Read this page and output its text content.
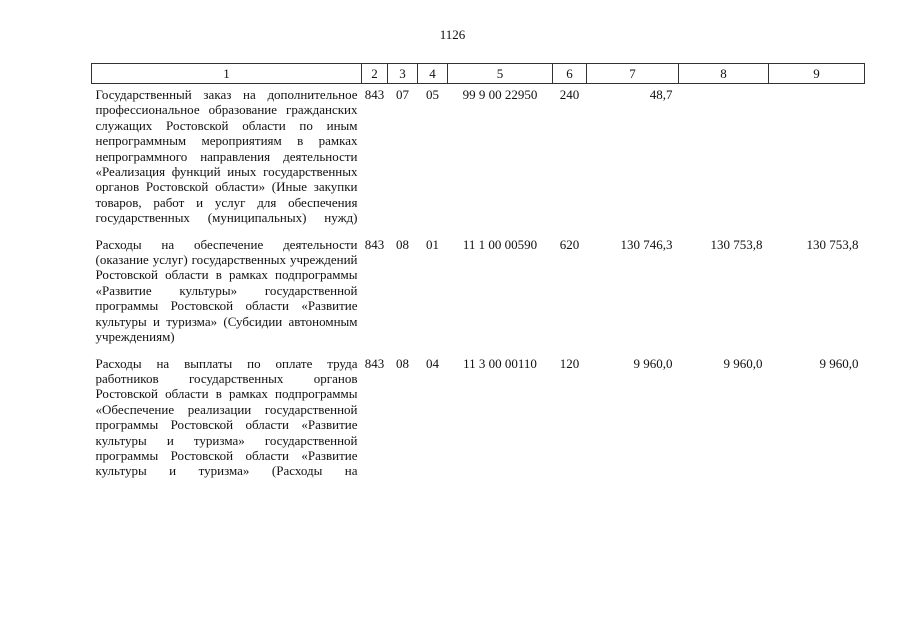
1126
1	2	3	4	5	6	7	8	9
Государственный заказ на дополнительное профессиональное образование гражданских служащих Ростовской области по иным непрограммным мероприятиям в рамках непрограммного направления деятельности «Реализация функций иных государственных органов Ростовской области» (Иные закупки товаров, работ и услуг для обеспечения государственных (муниципальных) нужд)	843	07	05	99 9 00 22950	240	48,7		
Расходы на обеспечение деятельности (оказание услуг) государственных учреждений Ростовской области в рамках подпрограммы «Развитие культуры» государственной программы Ростовской области «Развитие культуры и туризма» (Субсидии автономным учреждениям)	843	08	01	11 1 00 00590	620	130 746,3	130 753,8	130 753,8
Расходы на выплаты по оплате труда работников государственных органов Ростовской области в рамках подпрограммы «Обеспечение реализации государственной программы Ростовской области «Развитие культуры и туризма» государственной программы Ростовской области «Развитие культуры и туризма» (Расходы на	843	08	04	11 3 00 00110	120	9 960,0	9 960,0	9 960,0
